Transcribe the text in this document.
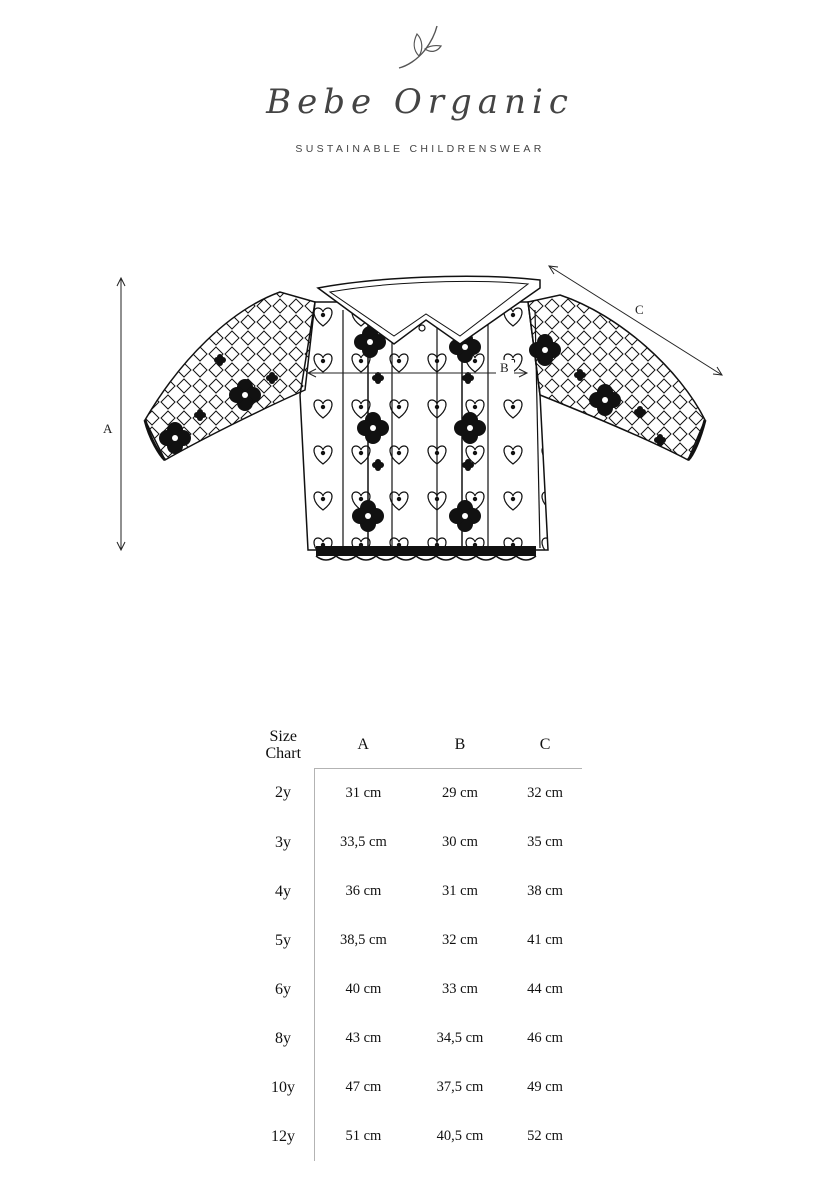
Bebe Organic
SUSTAINABLE CHILDRENSWEAR
A
C
B
Size
Chart	A	B	C
2y	31 cm	29 cm	32 cm
3y	33,5 cm	30 cm	35 cm
4y	36 cm	31 cm	38 cm
5y	38,5 cm	32 cm	41 cm
6y	40 cm	33 cm	44 cm
8y	43 cm	34,5 cm	46 cm
10y	47 cm	37,5 cm	49 cm
12y	51 cm	40,5 cm	52 cm
